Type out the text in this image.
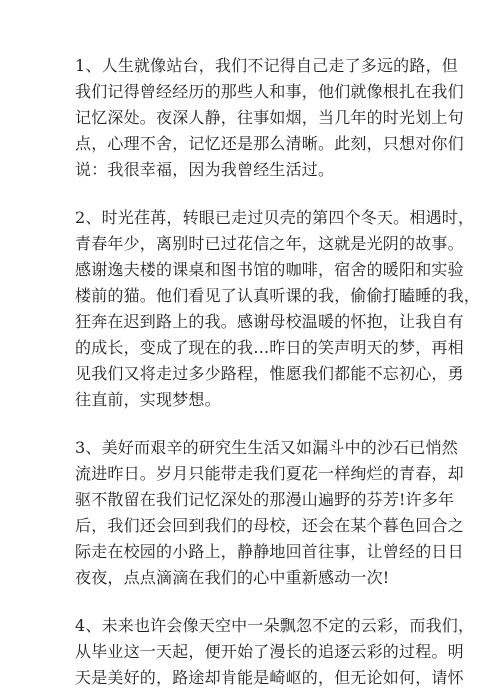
1、人生就像站台，我们不记得自己走了多远的路，但
我们记得曾经经历的那些人和事，他们就像根扎在我们
记忆深处。夜深人静，往事如烟，当几年的时光划上句
点，心理不舍，记忆还是那么清晰。此刻，只想对你们
说：我很幸福，因为我曾经生活过。

2、时光荏苒，转眼已走过贝壳的第四个冬天。相遇时，
青春年少，离别时已过花信之年，这就是光阴的故事。
感谢逸夫楼的课桌和图书馆的咖啡，宿舍的暖阳和实验
楼前的猫。他们看见了认真听课的我，偷偷打瞌睡的我，
狂奔在迟到路上的我。感谢母校温暖的怀抱，让我自有
的成长，变成了现在的我…昨日的笑声明天的梦，再相
见我们又将走过多少路程，惟愿我们都能不忘初心，勇
往直前，实现梦想。

3、美好而艰辛的研究生生活又如漏斗中的沙石已悄然
流进昨日。岁月只能带走我们夏花一样绚烂的青春，却
驱不散留在我们记忆深处的那漫山遍野的芬芳!许多年
后，我们还会回到我们的母校，还会在某个暮色回合之
际走在校园的小路上，静静地回首往事，让曾经的日日
夜夜，点点滴滴在我们的心中重新感动一次!

4、未来也许会像天空中一朵飘忽不定的云彩，而我们，
从毕业这一天起，便开始了漫长的追逐云彩的过程。明
天是美好的，路途却肯能是崎岖的，但无论如何，请怀
